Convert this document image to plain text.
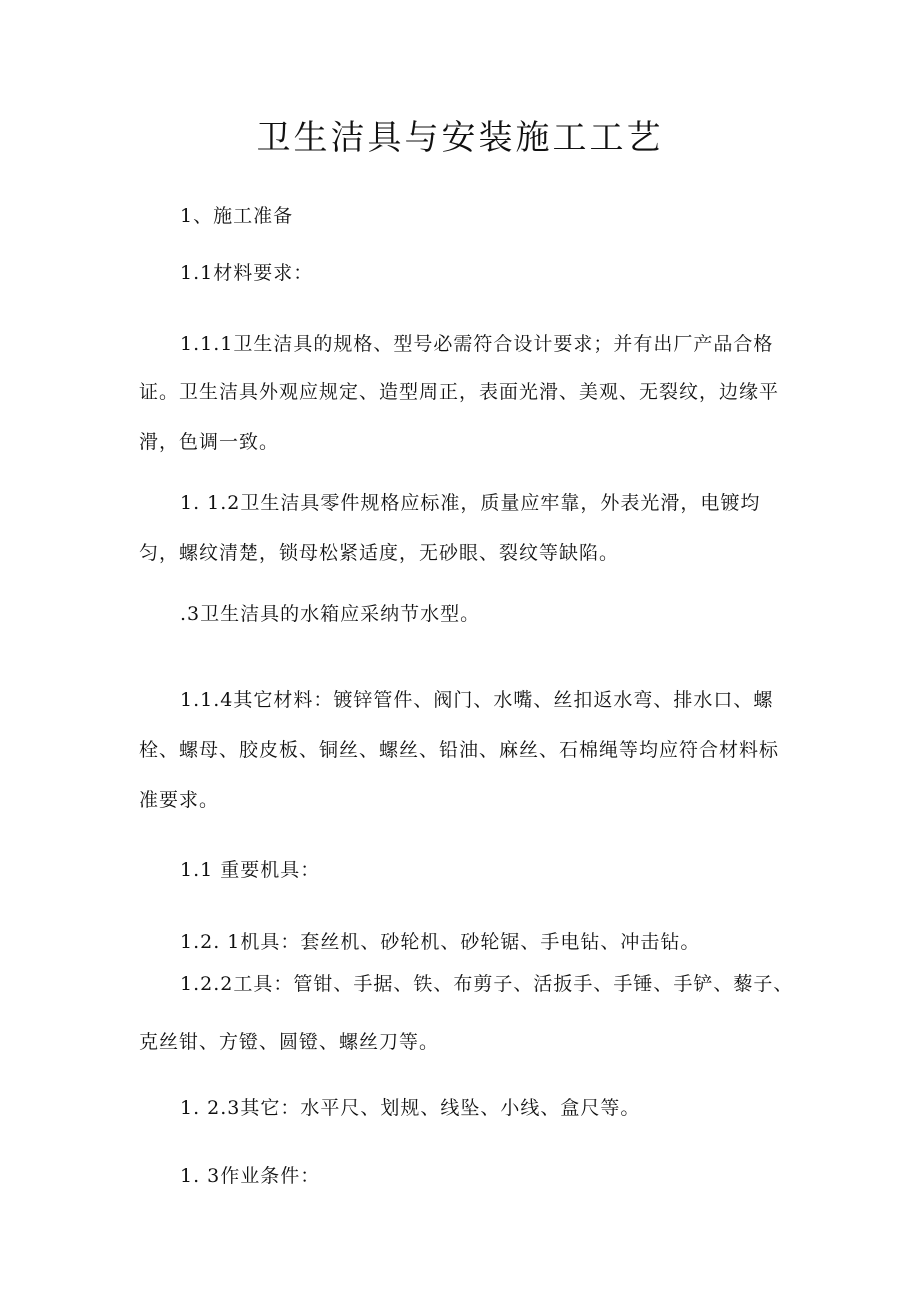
卫生洁具与安装施工工艺
1、施工准备
1.1材料要求：
1.1.1卫生洁具的规格、型号必需符合设计要求；并有出厂产品合格
证。卫生洁具外观应规定、造型周正，表面光滑、美观、无裂纹，边缘平
滑，色调一致。
1. 1.2卫生洁具零件规格应标准，质量应牢靠，外表光滑，电镀均
匀，螺纹清楚，锁母松紧适度，无砂眼、裂纹等缺陷。
.3卫生洁具的水箱应采纳节水型。
1.1.4其它材料：镀锌管件、阀门、水嘴、丝扣返水弯、排水口、螺
栓、螺母、胶皮板、铜丝、螺丝、铅油、麻丝、石棉绳等均应符合材料标
准要求。
1.1 重要机具：
1.2. 1机具：套丝机、砂轮机、砂轮锯、手电钻、冲击钻。
1.2.2工具：管钳、手据、铁、布剪子、活扳手、手锤、手铲、藜子、
克丝钳、方镫、圆镫、螺丝刀等。
1. 2.3其它：水平尺、划规、线坠、小线、盒尺等。
1. 3作业条件：
